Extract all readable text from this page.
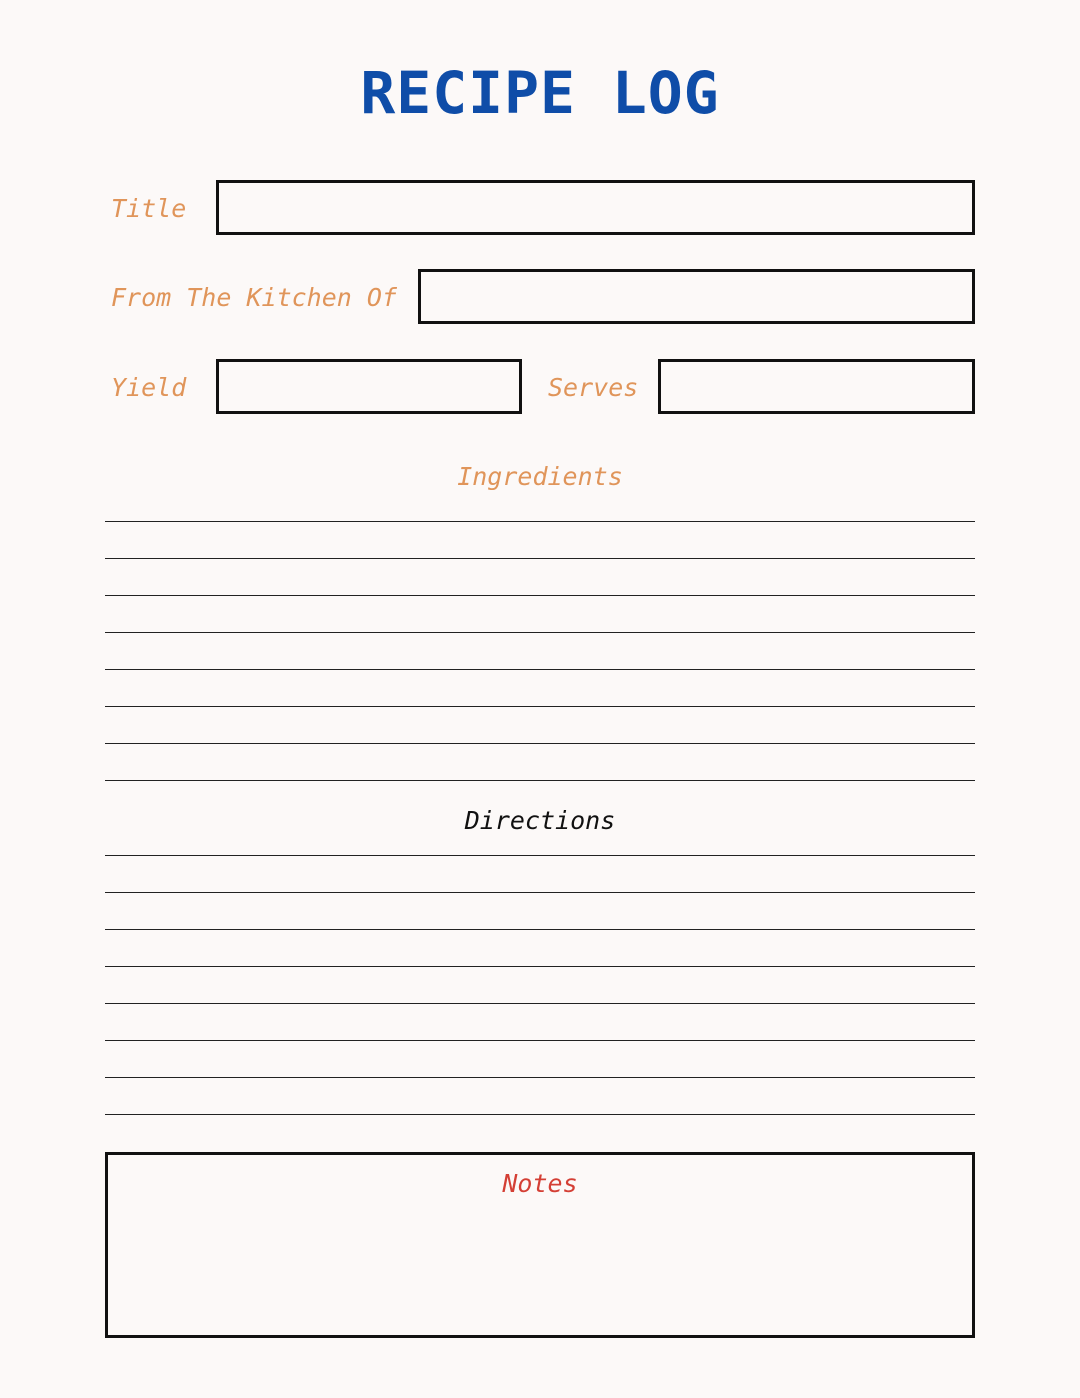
RECIPE LOG
Title
From The Kitchen Of
Yield	Serves
Ingredients
Directions
Notes
